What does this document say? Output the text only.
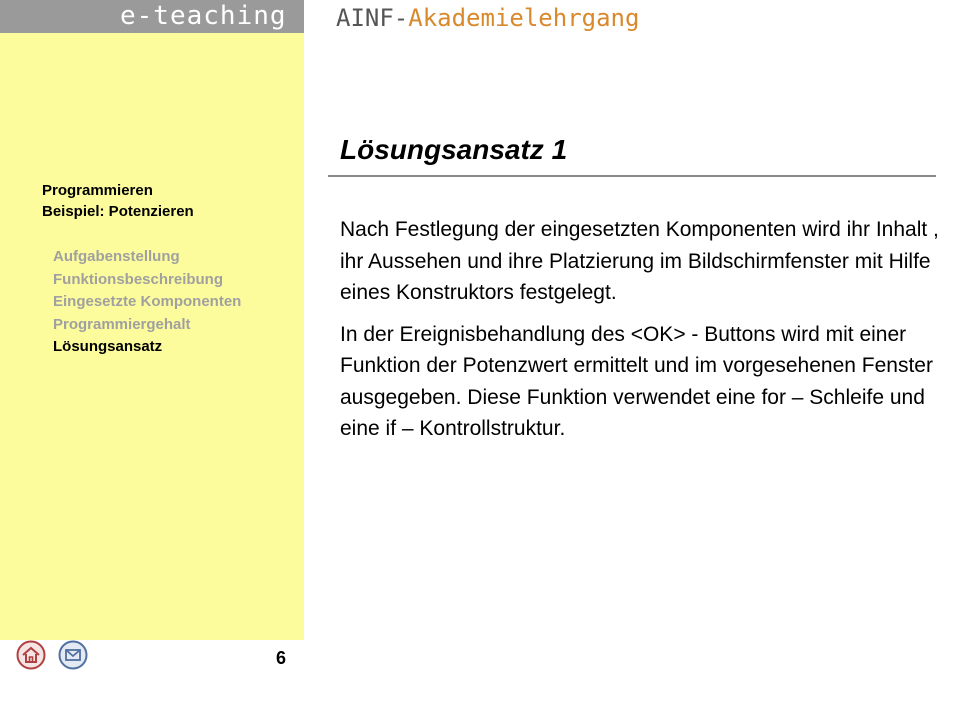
e-teaching AINF-Akademielehrgang
Programmieren
Beispiel: Potenzieren
Aufgabenstellung
Funktionsbeschreibung
Eingesetzte Komponenten
Programmiergehalt
Lösungsansatz
6
Lösungsansatz 1

Nach Festlegung der eingesetzten Komponenten wird ihr Inhalt , ihr Aussehen und ihre Platzierung im Bildschirmfenster mit Hilfe eines Konstruktors festgelegt.

In der Ereignisbehandlung des <OK> - Buttons wird mit einer Funktion der Potenzwert ermittelt und im vorgesehenen Fenster ausgegeben. Diese Funktion verwendet eine for – Schleife und eine if – Kontrollstruktur.
